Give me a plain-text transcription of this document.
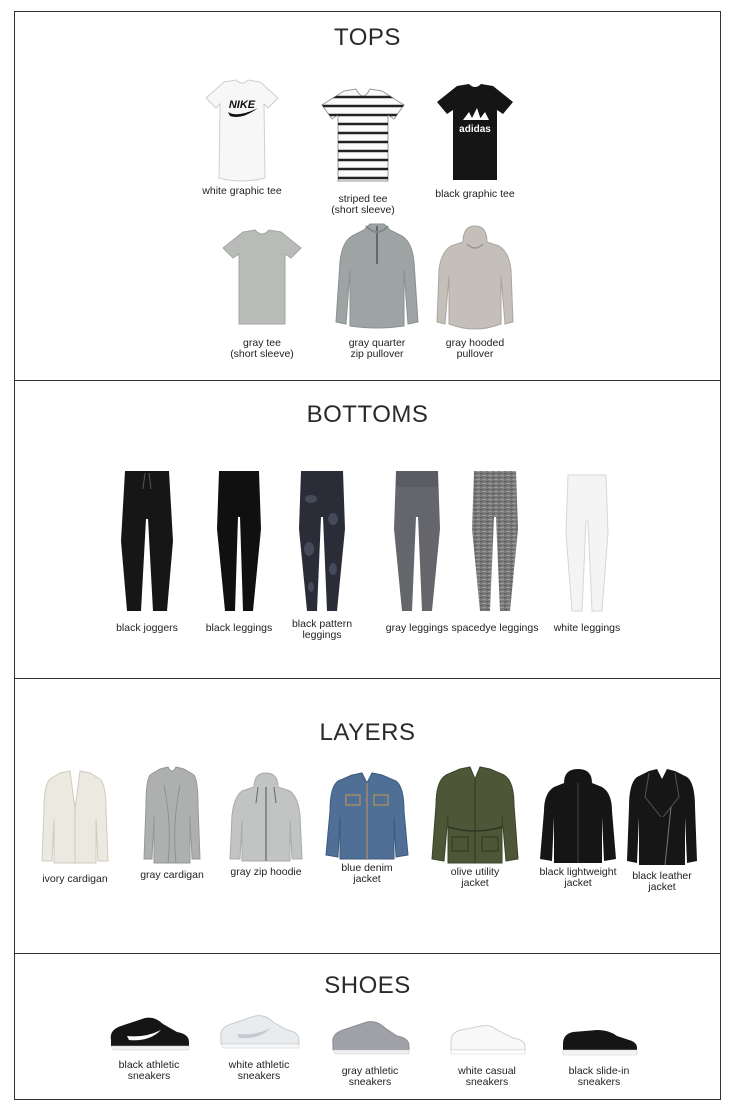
TOPS
NIKE
white graphic tee
striped tee
(short sleeve)
adidas
black graphic tee
gray tee
(short sleeve)
gray quarter
zip pullover
gray hooded
pullover
BOTTOMS
black joggers	black leggings	black pattern
leggings
gray leggings spacedye leggings	white leggings
LAYERS
ivory cardigan	gray cardigan	gray zip hoodie	blue denim
jacket
olive utility
jacket
black lightweight
jacket
black leather
jacket
SHOES
black athletic
sneakers
white athletic
sneakers	gray athletic
sneakers
white casual
sneakers
black slide-in
sneakers
